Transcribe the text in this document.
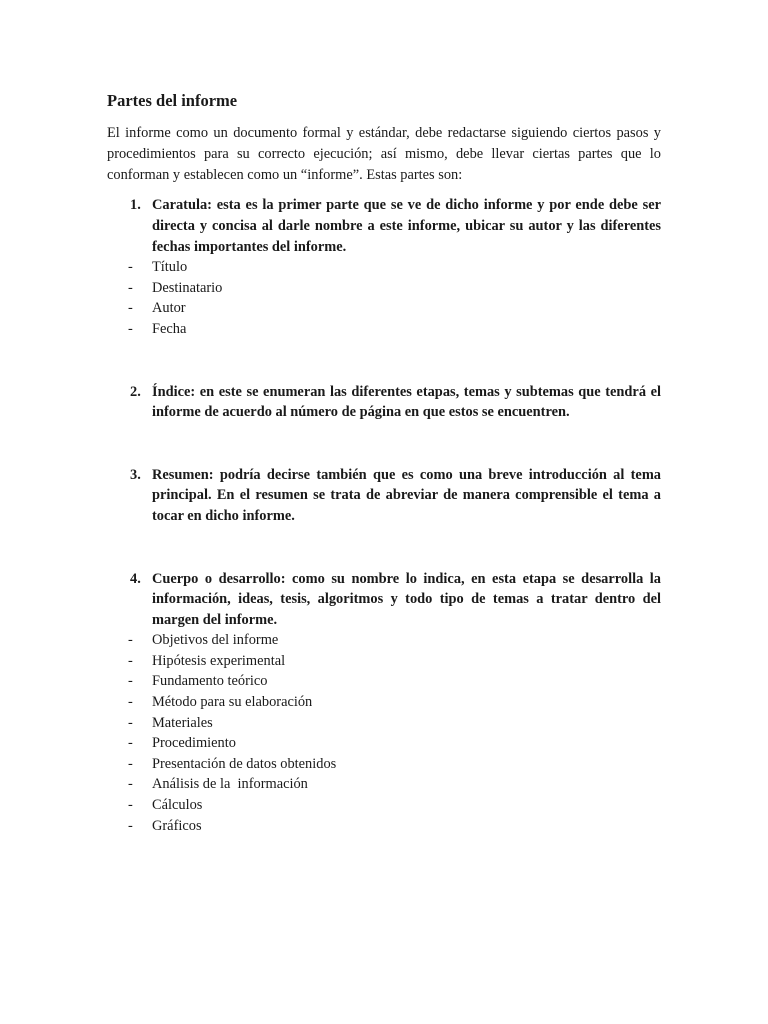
Partes del informe
El informe como un documento formal y estándar, debe redactarse siguiendo ciertos pasos y procedimientos para su correcto ejecución; así mismo, debe llevar ciertas partes que lo conforman y establecen como un “informe”. Estas partes son:
1. Caratula: esta es la primer parte que se ve de dicho informe y por ende debe ser directa y concisa al darle nombre a este informe, ubicar su autor y las diferentes fechas importantes del informe.
-	Título
-	Destinatario
-	Autor
-	Fecha
2. Índice: en este se enumeran las diferentes etapas, temas y subtemas que tendrá el informe de acuerdo al número de página en que estos se encuentren.
3. Resumen: podría decirse también que es como una breve introducción al tema principal. En el resumen se trata de abreviar de manera comprensible el tema a tocar en dicho informe.
4. Cuerpo o desarrollo: como su nombre lo indica, en esta etapa se desarrolla la información, ideas, tesis, algoritmos y todo tipo de temas a tratar dentro del margen del informe.
-	Objetivos del informe
-	Hipótesis experimental
-	Fundamento teórico
-	Método para su elaboración
-	Materiales
-	Procedimiento
-	Presentación de datos obtenidos
-	Análisis de la  información
-	Cálculos
-	Gráficos
